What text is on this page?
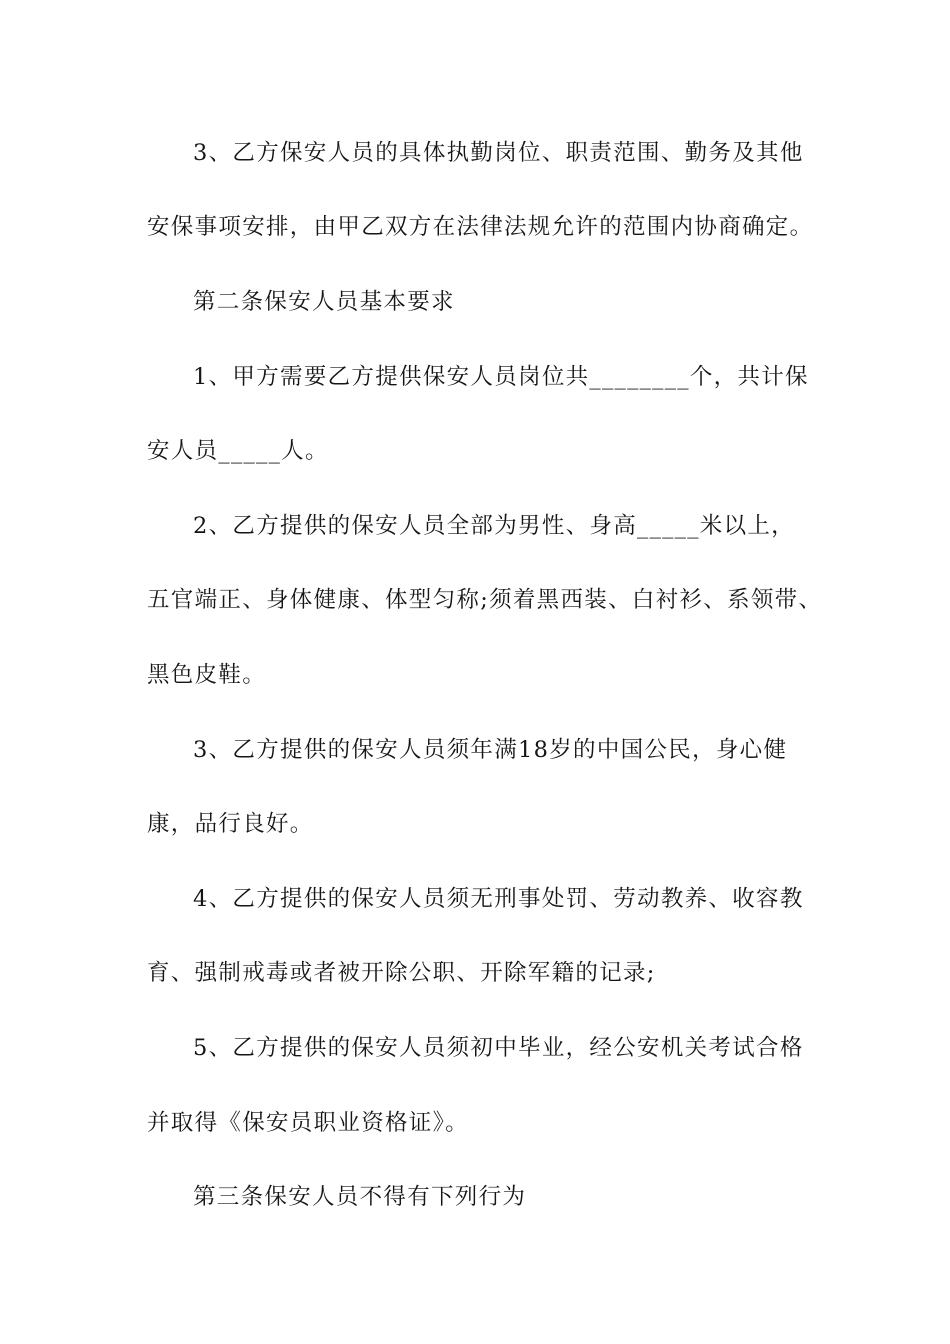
3、乙方保安人员的具体执勤岗位、职责范围、勤务及其他
安保事项安排，由甲乙双方在法律法规允许的范围内协商确定。
第二条保安人员基本要求
1、甲方需要乙方提供保安人员岗位共________个，共计保
安人员_____人。
2、乙方提供的保安人员全部为男性、身高_____米以上，
五官端正、身体健康、体型匀称;须着黑西装、白衬衫、系领带、
黑色皮鞋。
3、乙方提供的保安人员须年满18岁的中国公民，身心健
康，品行良好。
4、乙方提供的保安人员须无刑事处罚、劳动教养、收容教
育、强制戒毒或者被开除公职、开除军籍的记录;
5、乙方提供的保安人员须初中毕业，经公安机关考试合格
并取得《保安员职业资格证》。
第三条保安人员不得有下列行为
